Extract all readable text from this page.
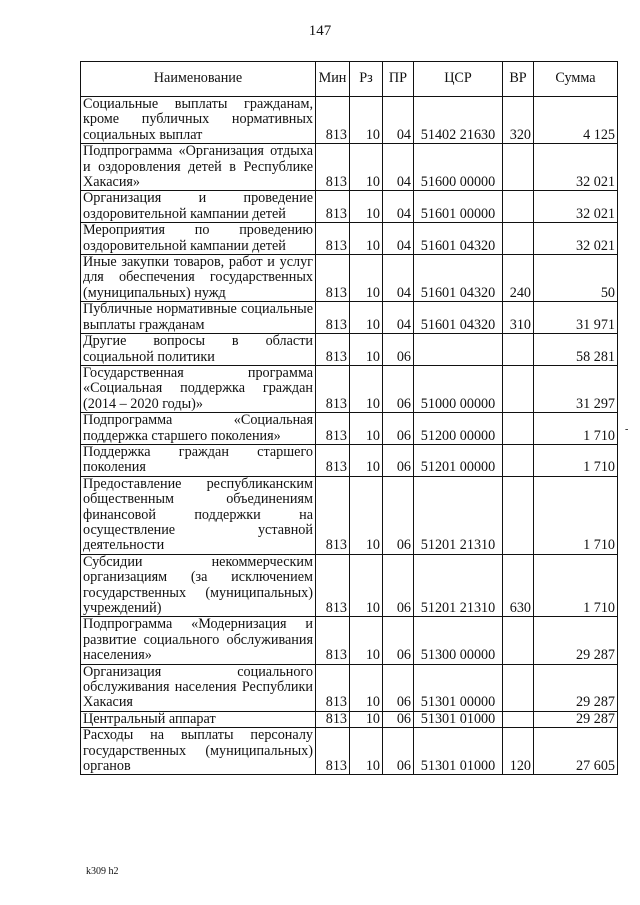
147
Наименование	Мин	Рз	ПР	ЦСР	ВР	Сумма
Социальные выплаты гражданам, кроме публичных нормативных социальных выплат	813	10	04	51402 21630	320	4 125
Подпрограмма «Организация отдыха и оздоровления детей в Республике Хакасия»	813	10	04	51600 00000		32 021
Организация и проведение оздоровительной кампании детей	813	10	04	51601 00000		32 021
Мероприятия по проведению оздоровительной кампании детей	813	10	04	51601 04320		32 021
Иные закупки товаров, работ и услуг для обеспечения государственных (муниципальных) нужд	813	10	04	51601 04320	240	50
Публичные нормативные социальные выплаты гражданам	813	10	04	51601 04320	310	31 971
Другие вопросы в области социальной политики	813	10	06			58 281
Государственная программа «Социальная поддержка граждан (2014 – 2020 годы)»	813	10	06	51000 00000		31 297
Подпрограмма «Социальная поддержка старшего поколения»	813	10	06	51200 00000		1 710
Поддержка граждан старшего поколения	813	10	06	51201 00000		1 710
Предоставление республиканским общественным объединениям финансовой поддержки на осуществление уставной деятельности	813	10	06	51201 21310		1 710
Субсидии некоммерческим организациям (за исключением государственных (муниципальных) учреждений)	813	10	06	51201 21310	630	1 710
Подпрограмма «Модернизация и развитие социального обслуживания населения»	813	10	06	51300 00000		29 287
Организация социального обслуживания населения Республики Хакасия	813	10	06	51301 00000		29 287
Центральный аппарат	813	10	06	51301 01000		29 287
Расходы на выплаты персоналу государственных (муниципальных) органов	813	10	06	51301 01000	120	27 605
-
k309 h2
